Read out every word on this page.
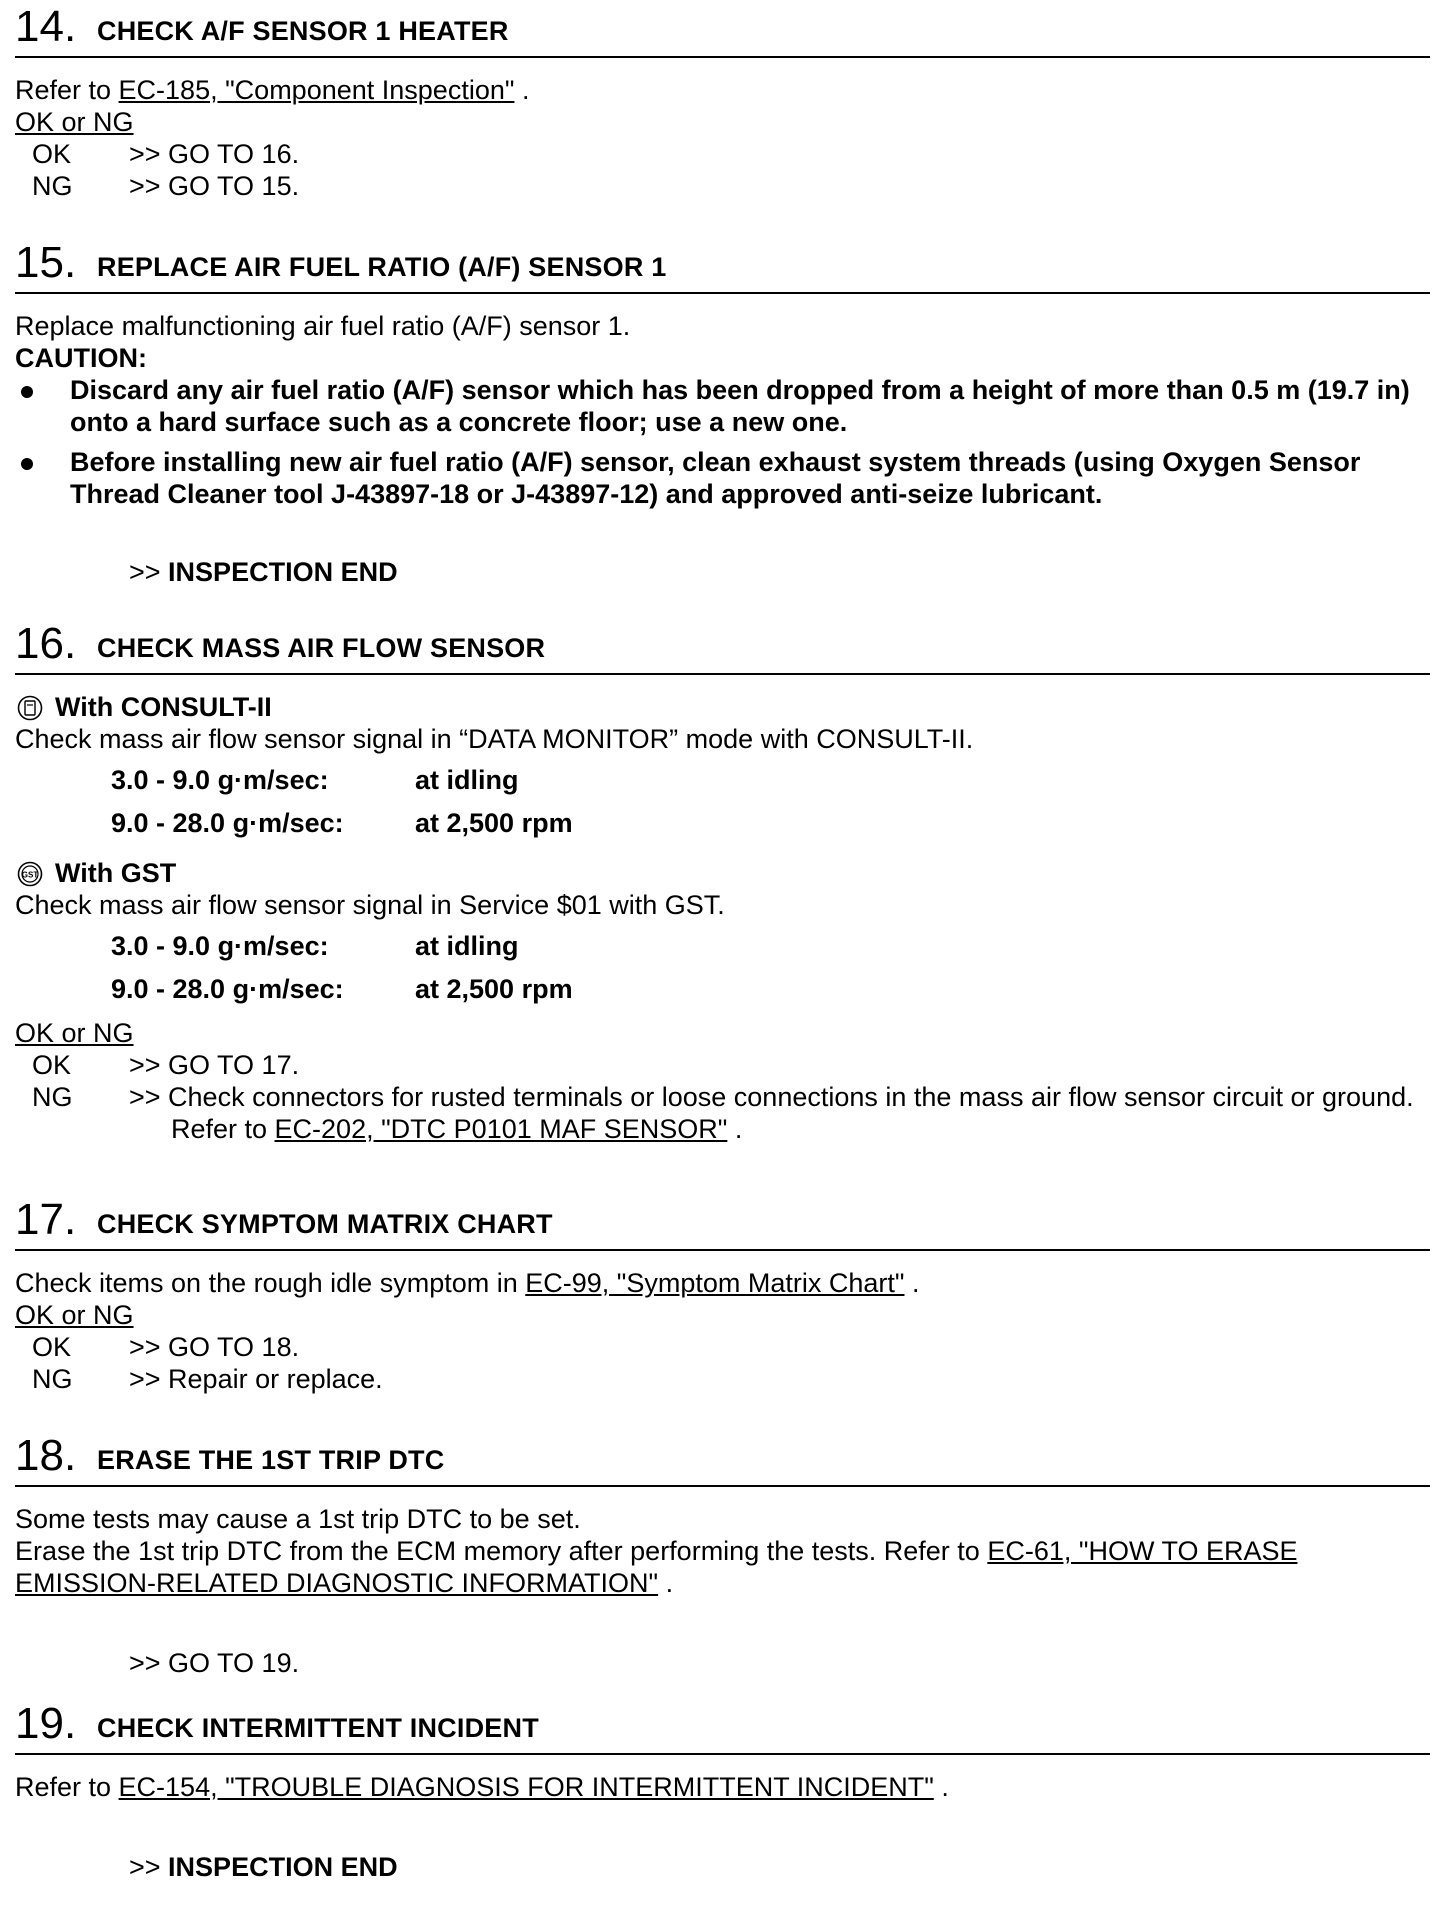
14. CHECK A/F SENSOR 1 HEATER

Refer to EC-185, "Component Inspection" .

OK or NG

OK >> GO TO 16.
NG >> GO TO 15.
15. REPLACE AIR FUEL RATIO (A/F) SENSOR 1

Replace malfunctioning air fuel ratio (A/F) sensor 1.

CAUTION:

Discard any air fuel ratio (A/F) sensor which has been dropped from a height of more than 0.5 m (19.7 in) onto a hard surface such as a concrete floor; use a new one.
Before installing new air fuel ratio (A/F) sensor, clean exhaust system threads (using Oxygen Sensor Thread Cleaner tool J-43897-18 or J-43897-12) and approved anti-seize lubricant.

>> INSPECTION END

16. CHECK MASS AIR FLOW SENSOR
With CONSULT-II

Check mass air flow sensor signal in “DATA MONITOR” mode with CONSULT-II.

3.0 - 9.0 g·m/sec:	at idling
9.0 - 28.0 g·m/sec:	at 2,500 rpm
GST With GST

Check mass air flow sensor signal in Service $01 with GST.

3.0 - 9.0 g·m/sec:	at idling
9.0 - 28.0 g·m/sec:	at 2,500 rpm

OK or NG

OK >> GO TO 17.
NG >> Check connectors for rusted terminals or loose connections in the mass air flow sensor circuit or ground. Refer to EC-202, "DTC P0101 MAF SENSOR" .
17. CHECK SYMPTOM MATRIX CHART

Check items on the rough idle symptom in EC-99, "Symptom Matrix Chart" .

OK or NG

OK >> GO TO 18.
NG >> Repair or replace.
18. ERASE THE 1ST TRIP DTC

Some tests may cause a 1st trip DTC to be set.

Erase the 1st trip DTC from the ECM memory after performing the tests. Refer to EC-61, "HOW TO ERASE EMISSION-RELATED DIAGNOSTIC INFORMATION" .

>> GO TO 19.

19. CHECK INTERMITTENT INCIDENT

Refer to EC-154, "TROUBLE DIAGNOSIS FOR INTERMITTENT INCIDENT" .

>> INSPECTION END
